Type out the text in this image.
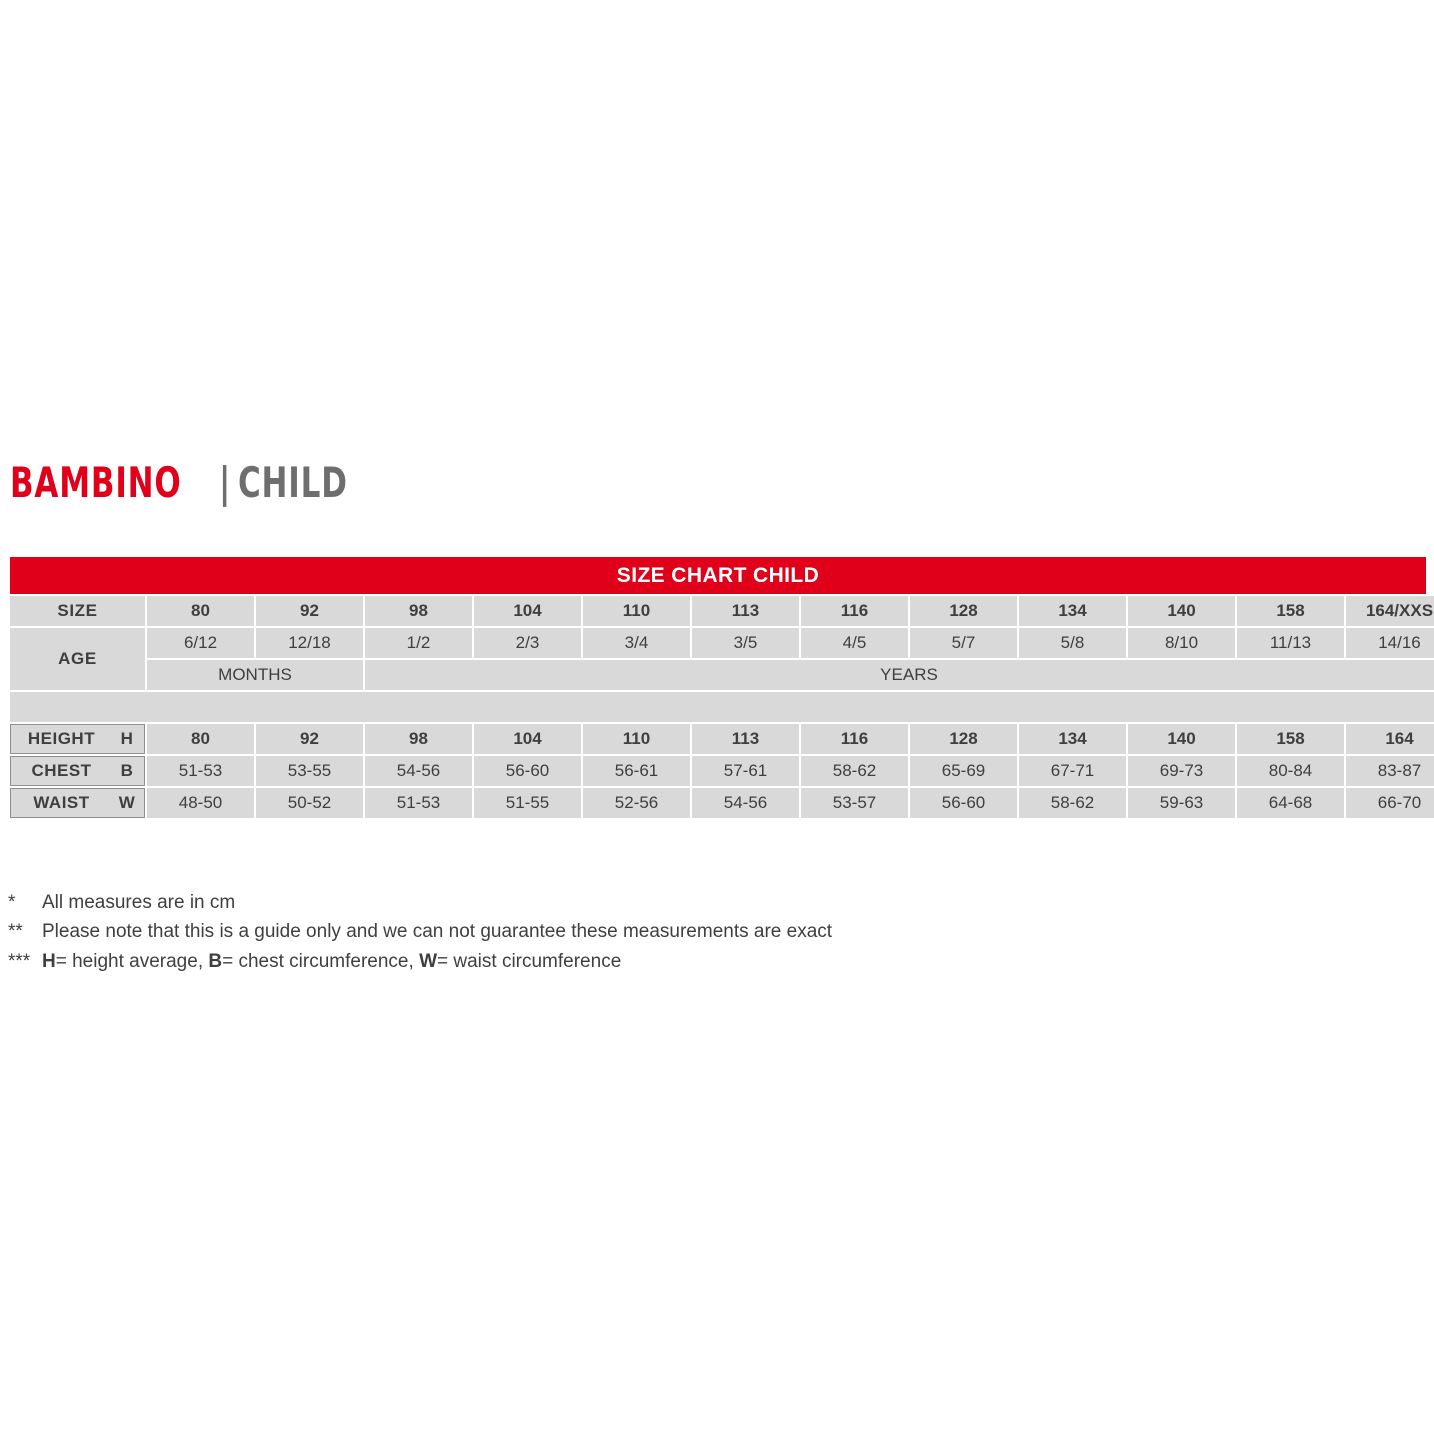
BAMBINO | CHILD
SIZE CHART CHILD
SIZE	80	92	98	104	110	113	116	128	134	140	158	164/XXS
AGE	6/12	12/18	1/2	2/3	3/4	3/5	4/5	5/7	5/8	8/10	11/13	14/16
	MONTHS		YEARS									

HEIGHT H	80	92	98	104	110	113	116	128	134	140	158	164
CHEST B	51-53	53-55	54-56	56-60	56-61	57-61	58-62	65-69	67-71	69-73	80-84	83-87
WAIST W	48-50	50-52	51-53	51-55	52-56	54-56	53-57	56-60	58-62	59-63	64-68	66-70
*	All measures are in cm
**	Please note that this is a guide only and we can not guarantee these measurements are exact
*** H= height average, B= chest circumference, W= waist circumference
